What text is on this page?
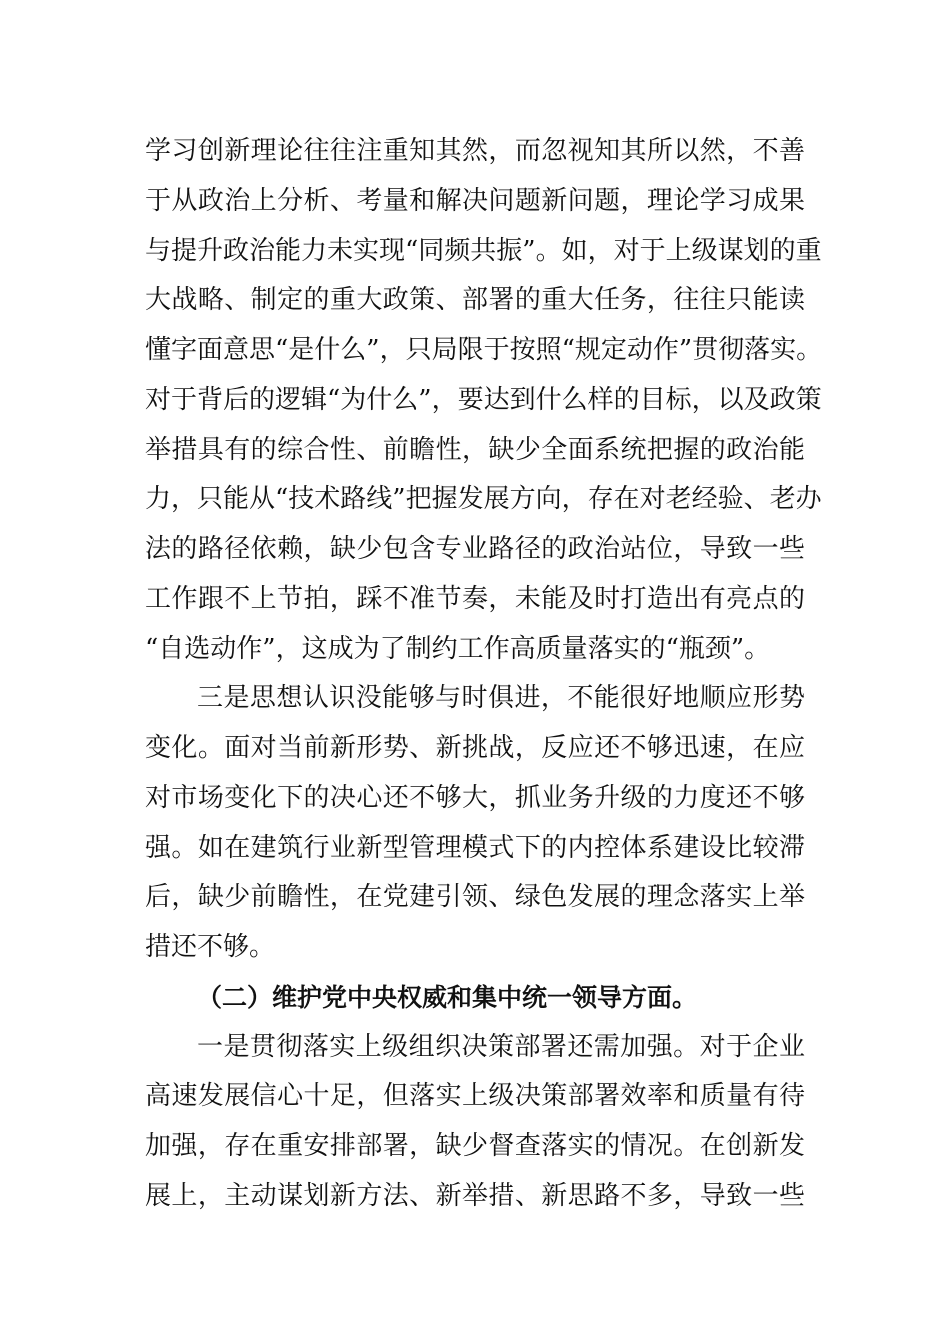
学习创新理论往往注重知其然，而忽视知其所以然，不善
于从政治上分析、考量和解决问题新问题，理论学习成果
与提升政治能力未实现“同频共振”。如，对于上级谋划的重
大战略、制定的重大政策、部署的重大任务，往往只能读
懂字面意思“是什么”，只局限于按照“规定动作”贯彻落实。
对于背后的逻辑“为什么”，要达到什么样的目标，以及政策
举措具有的综合性、前瞻性，缺少全面系统把握的政治能
力，只能从“技术路线”把握发展方向，存在对老经验、老办
法的路径依赖，缺少包含专业路径的政治站位，导致一些
工作跟不上节拍，踩不准节奏，未能及时打造出有亮点的
“自选动作”，这成为了制约工作高质量落实的“瓶颈”。
三是思想认识没能够与时俱进，不能很好地顺应形势
变化。面对当前新形势、新挑战，反应还不够迅速，在应
对市场变化下的决心还不够大，抓业务升级的力度还不够
强。如在建筑行业新型管理模式下的内控体系建设比较滞
后，缺少前瞻性，在党建引领、绿色发展的理念落实上举
措还不够。
（二）维护党中央权威和集中统一领导方面。
一是贯彻落实上级组织决策部署还需加强。对于企业
高速发展信心十足，但落实上级决策部署效率和质量有待
加强，存在重安排部署，缺少督查落实的情况。在创新发
展上，主动谋划新方法、新举措、新思路不多，导致一些
